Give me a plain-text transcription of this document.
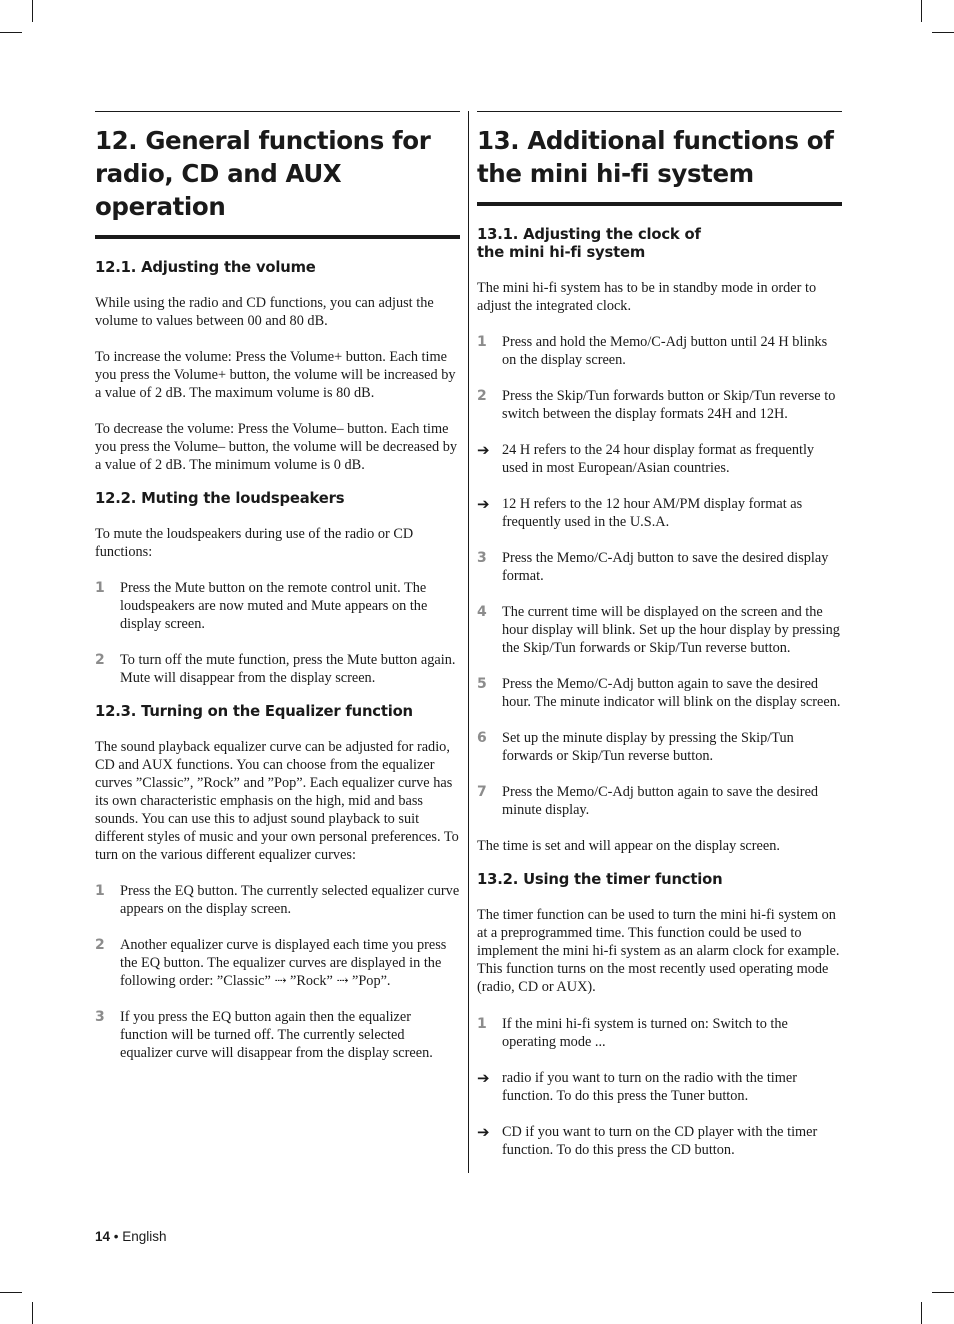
12. General functions for
radio, CD and AUX operation
12.1. Adjusting the volume

While using the radio and CD functions, you can adjust the volume to values between 00 and 80 dB.

To increase the volume: Press the Volume+ button. Each time you press the Volume+ button, the volume will be increased by a value of 2 dB. The maximum volume is 80 dB.

To decrease the volume: Press the Volume– button. Each time you press the Volume– button, the volume will be decreased by a value of 2 dB. The minimum volume is 0 dB.

12.2. Muting the loudspeakers

To mute the loudspeakers during use of the radio or CD functions:

1	Press the Mute button on the remote control unit. The loudspeakers are now muted and Mute appears on the display screen.
2	To turn off the mute function, press the Mute button again. Mute will disappear from the display screen.
12.3. Turning on the Equalizer function

The sound playback equalizer curve can be adjusted for radio, CD and AUX functions. You can choose from the equalizer curves ”Classic”, ”Rock” and ”Pop”. Each equalizer curve has its own characteristic emphasis on the high, mid and bass sounds. You can use this to adjust sound playback to suit different styles of music and your own personal preferences. To turn on the various different equalizer curves:

1	Press the EQ button. The currently selected equalizer curve appears on the display screen.
2	Another equalizer curve is displayed each time you press the EQ button. The equalizer curves are displayed in the following order: ”Classic” ⇢ ”Rock” ⇢ ”Pop”.
3	If you press the EQ button again then the equalizer function will be turned off. The currently selected equalizer curve will disappear from the display screen.
13. Additional functions of
the mini hi-fi system
13.1. Adjusting the clock of
the mini hi-fi system

The mini hi-fi system has to be in standby mode in order to adjust the integrated clock.

1	Press and hold the Memo/C-Adj button until 24 H blinks on the display screen.
2	Press the Skip/Tun forwards button or Skip/Tun reverse to switch between the display formats 24H and 12H.
➔ 24 H refers to the 24 hour display format as frequently used in most European/Asian countries.
➔ 12 H refers to the 12 hour AM/PM display format as frequently used in the U.S.A.
3	Press the Memo/C-Adj button to save the desired display format.
4	The current time will be displayed on the screen and the hour display will blink. Set up the hour display by pressing the Skip/Tun forwards or Skip/Tun reverse button.
5	Press the Memo/C-Adj button again to save the desired hour. The minute indicator will blink on the display screen.
6	Set up the minute display by pressing the Skip/Tun forwards or Skip/Tun reverse button.
7	Press the Memo/C-Adj button again to save the desired minute display.

The time is set and will appear on the display screen.

13.2. Using the timer function

The timer function can be used to turn the mini hi-fi system on at a preprogrammed time. This function could be used to implement the mini hi-fi system as an alarm clock for example. This function turns on the most recently used operating mode (radio, CD or AUX).

1	If the mini hi-fi system is turned on: Switch to the operating mode ...
➔ radio if you want to turn on the radio with the timer function. To do this press the Tuner button.
➔ CD if you want to turn on the CD player with the timer function. To do this press the CD button.
14 • English
